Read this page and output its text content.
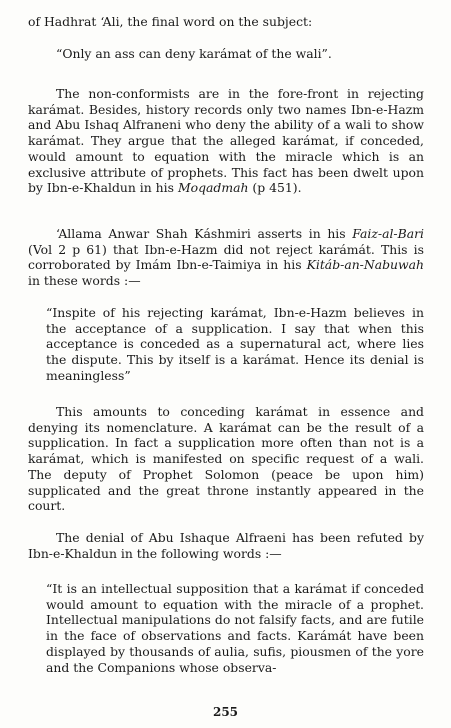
of Hadhrat ‘Ali, the final word on the subject:

“Only an ass can deny karámat of the wali”.

The non-conformists are in the fore-front in rejecting karámat. Besides, history records only two names Ibn-e-Hazm and Abu Ishaq Alfraneni who deny the ability of a wali to show karámat. They argue that the alleged karámat, if conceded, would amount to equation with the miracle which is an exclusive attribute of prophets. This fact has been dwelt upon by Ibn-e-Khaldun in his Moqadmah (p 451).

‘Allama Anwar Shah Káshmiri asserts in his Faiz-al-Bari (Vol 2 p 61) that Ibn-e-Hazm did not reject karámát. This is corroborated by Imám Ibn-e-Taimiya in his Kitáb-an-Nabuwah in these words :—

“Inspite of his rejecting karámat, Ibn-e-Hazm believes in the acceptance of a supplication. I say that when this acceptance is conceded as a supernatural act, where lies the dispute. This by itself is a karámat. Hence its denial is meaningless”

This amounts to conceding karámat in essence and denying its nomenclature. A karámat can be the result of a supplication. In fact a supplication more often than not is a karámat, which is manifested on specific request of a wali. The deputy of Prophet Solomon (peace be upon him) supplicated and the great throne instantly appeared in the court.

The denial of Abu Ishaque Alfraeni has been refuted by Ibn-e-Khaldun in the following words :—

“It is an intellectual supposition that a karámat if conceded would amount to equation with the miracle of a prophet. Intellectual manipulations do not falsify facts, and are futile in the face of observations and facts. Karámát have been displayed by thousands of aulia, sufis, piousmen of the yore and the Companions whose observa-

255
